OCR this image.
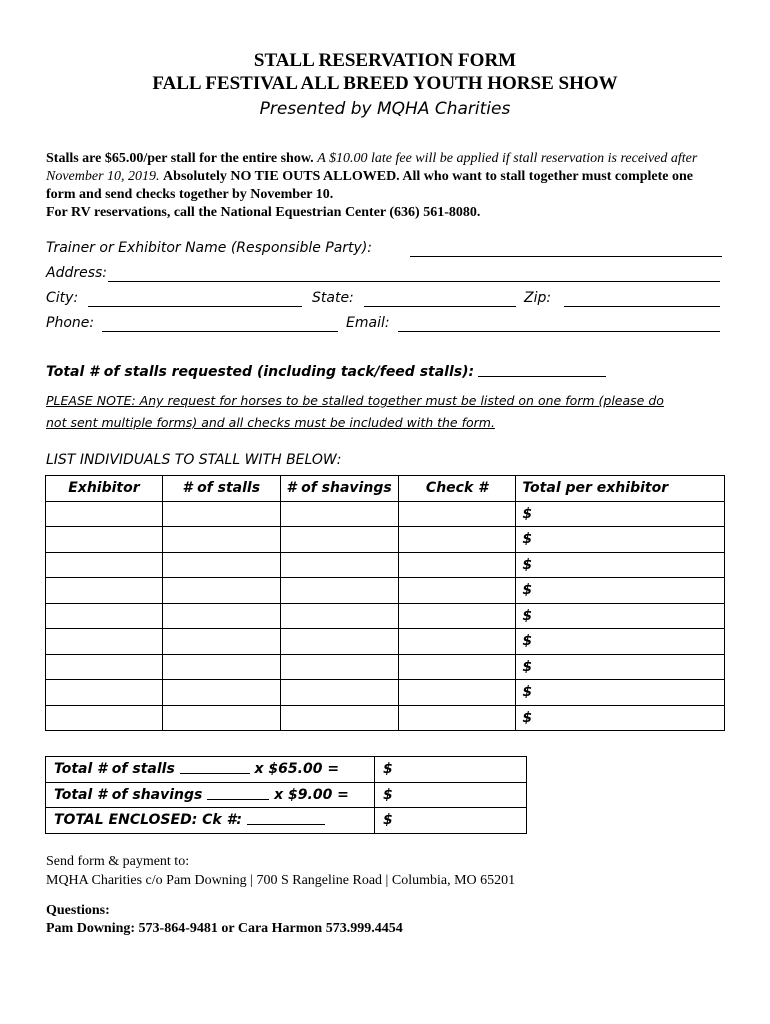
STALL RESERVATION FORM
FALL FESTIVAL ALL BREED YOUTH HORSE SHOW
Presented by MQHA Charities
Stalls are $65.00/per stall for the entire show. A $10.00 late fee will be applied if stall reservation is received after November 10, 2019. Absolutely NO TIE OUTS ALLOWED. All who want to stall together must complete one form and send checks together by November 10.
For RV reservations, call the National Equestrian Center (636) 561-8080.
Trainer or Exhibitor Name (Responsible Party):
Address:
City:	State:	Zip:
Phone:	Email:
Total # of stalls requested (including tack/feed stalls):
PLEASE NOTE: Any request for horses to be stalled together must be listed on one form (please do
not sent multiple forms) and all checks must be included with the form.
LIST INDIVIDUALS TO STALL WITH BELOW:
Exhibitor	# of stalls	# of shavings	Check #	Total per exhibitor
				$
				$
				$
				$
				$
				$
				$
				$
				$
Total # of stalls x $65.00 =	$
Total # of shavings x $9.00 =	$
TOTAL ENCLOSED: Ck #:	$
Send form & payment to:
MQHA Charities c/o Pam Downing | 700 S Rangeline Road | Columbia, MO 65201
Questions:
Pam Downing: 573-864-9481 or Cara Harmon 573.999.4454
